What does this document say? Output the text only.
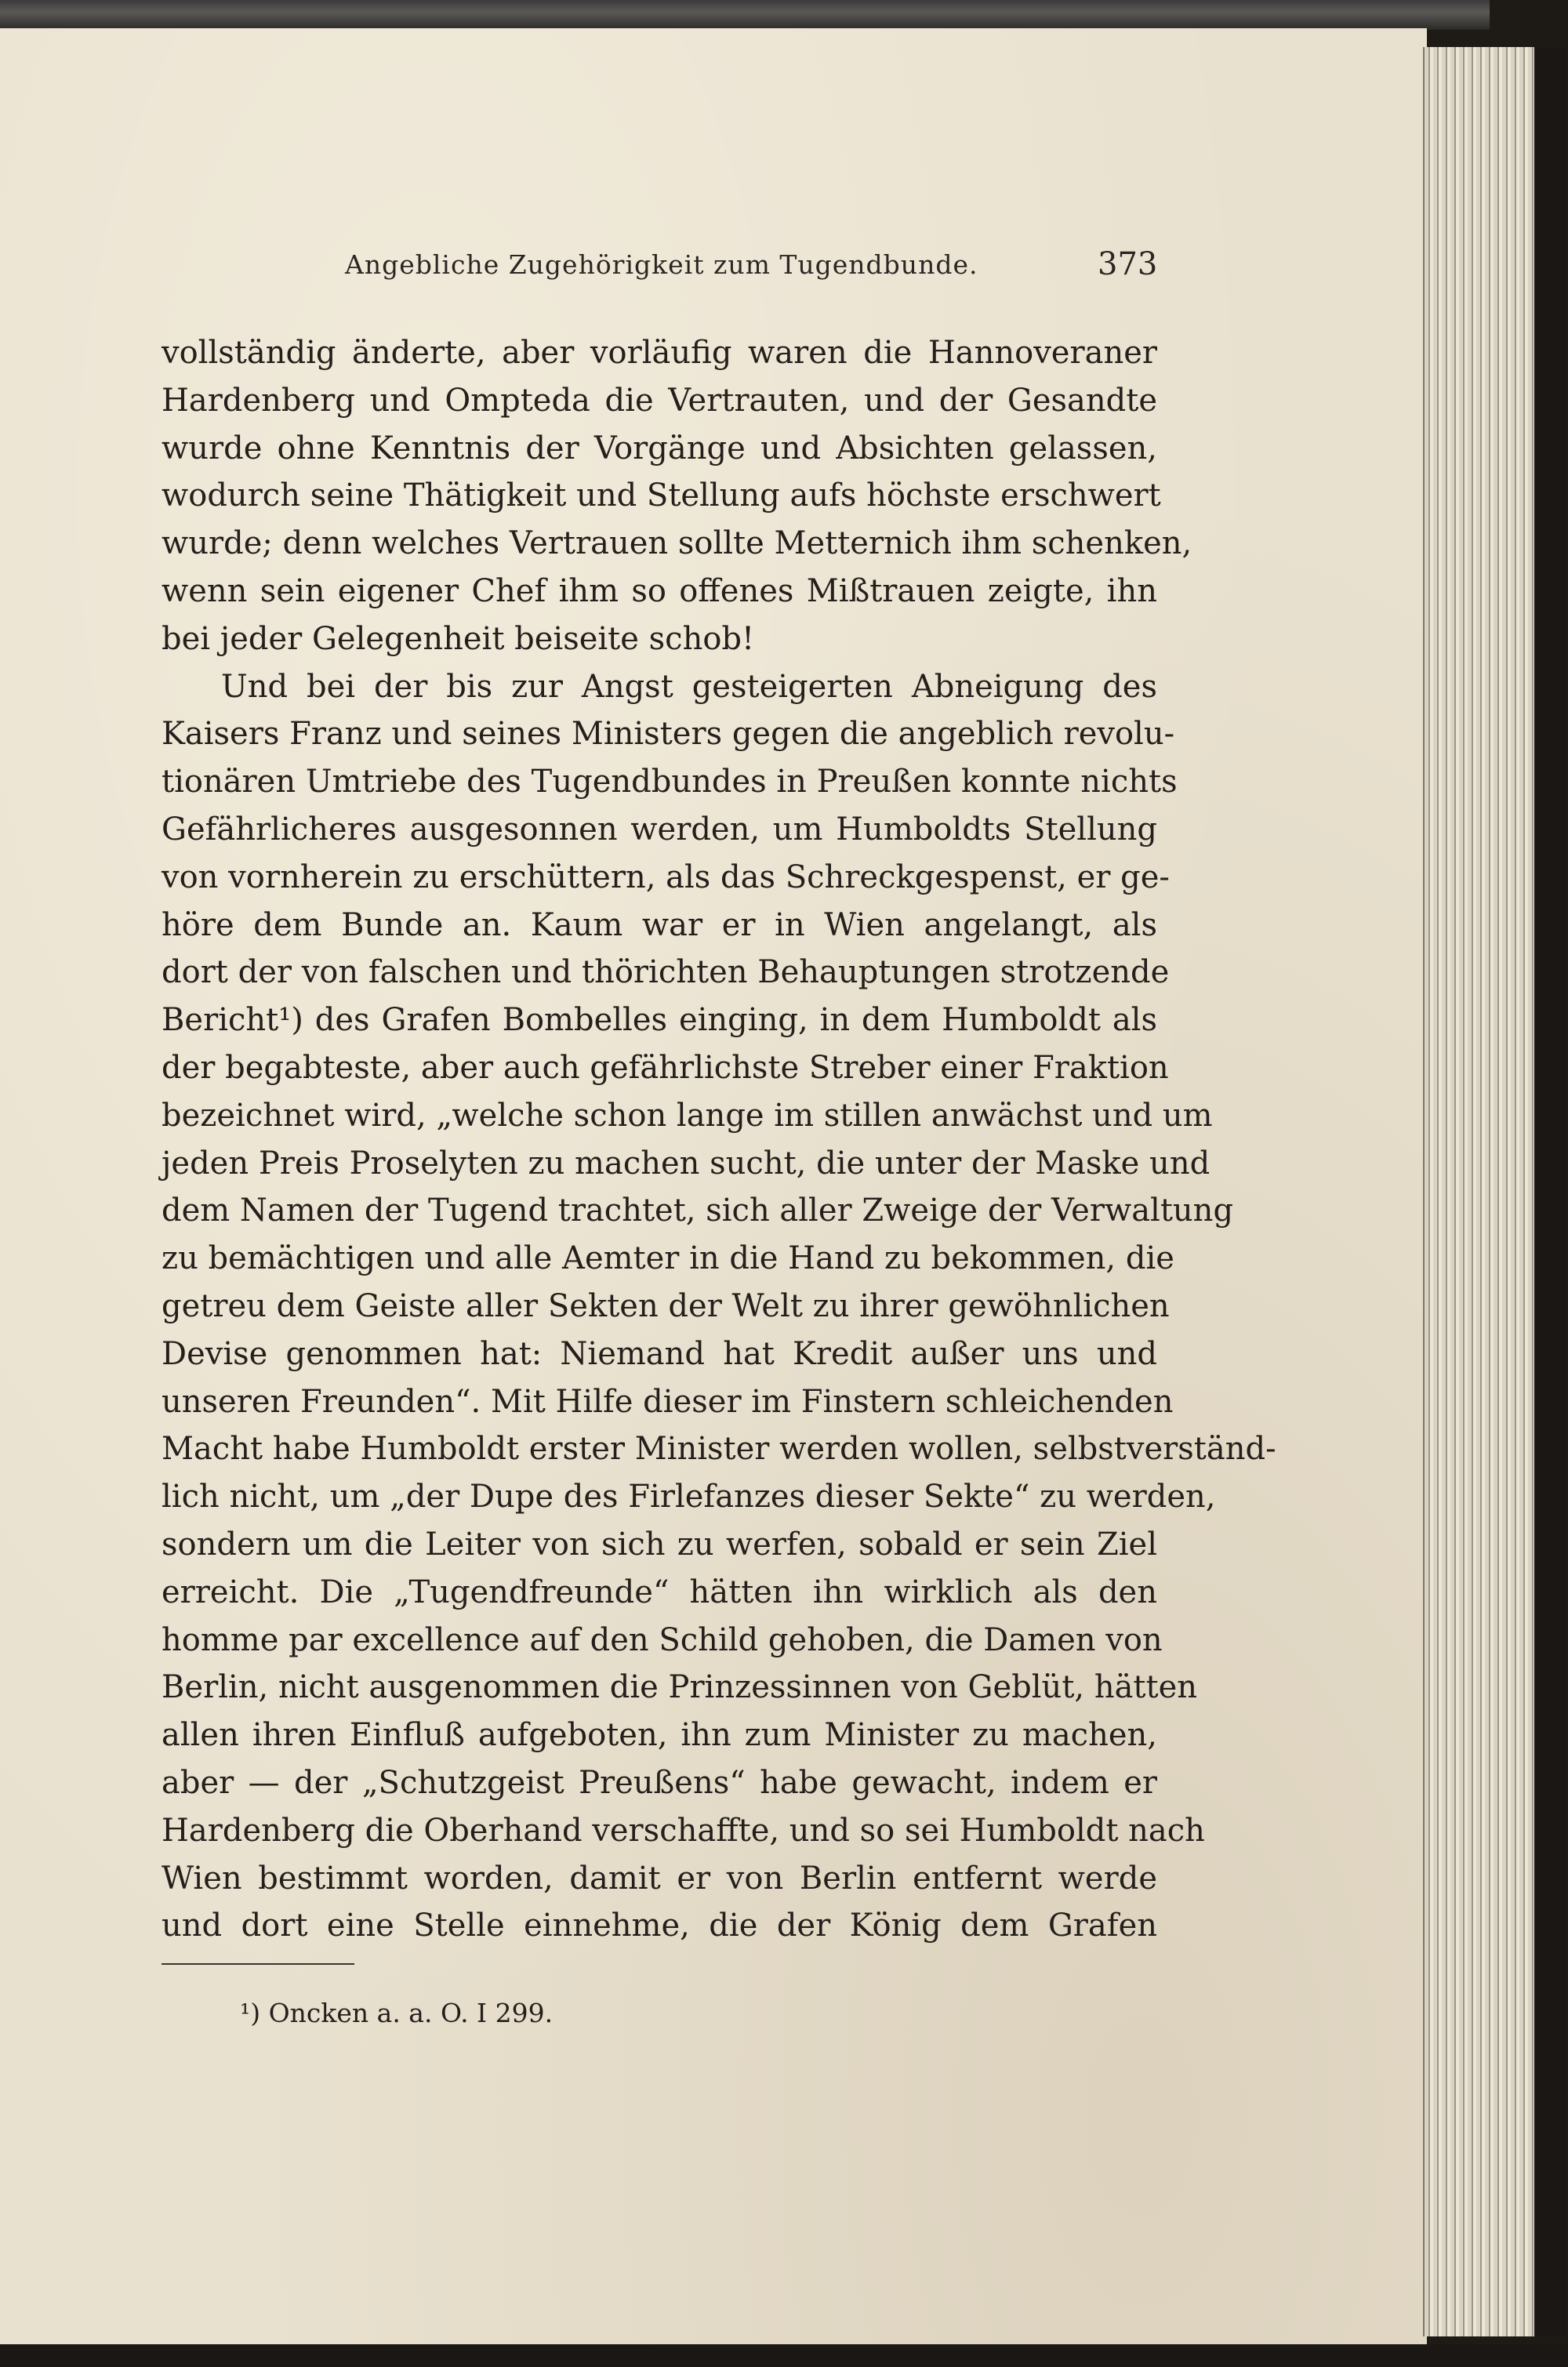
Angebliche Zugehörigkeit zum Tugendbunde.	373
vollständig änderte, aber vorläufig waren die Hannoveraner
Hardenberg und Ompteda die Vertrauten, und der Gesandte
wurde ohne Kenntnis der Vorgänge und Absichten gelassen,
wodurch seine Thätigkeit und Stellung aufs höchste erschwert
wurde; denn welches Vertrauen sollte Metternich ihm schenken,
wenn sein eigener Chef ihm so offenes Mißtrauen zeigte, ihn
bei jeder Gelegenheit beiseite schob!
Und bei der bis zur Angst gesteigerten Abneigung des
Kaisers Franz und seines Ministers gegen die angeblich revolu-
tionären Umtriebe des Tugendbundes in Preußen konnte nichts
Gefährlicheres ausgesonnen werden, um Humboldts Stellung
von vornherein zu erschüttern, als das Schreckgespenst, er ge-
höre dem Bunde an. Kaum war er in Wien angelangt, als
dort der von falschen und thörichten Behauptungen strotzende
Bericht¹) des Grafen Bombelles einging, in dem Humboldt als
der begabteste, aber auch gefährlichste Streber einer Fraktion
bezeichnet wird, „welche schon lange im stillen anwächst und um
jeden Preis Proselyten zu machen sucht, die unter der Maske und
dem Namen der Tugend trachtet, sich aller Zweige der Verwaltung
zu bemächtigen und alle Aemter in die Hand zu bekommen, die
getreu dem Geiste aller Sekten der Welt zu ihrer gewöhnlichen
Devise genommen hat: Niemand hat Kredit außer uns und
unseren Freunden“. Mit Hilfe dieser im Finstern schleichenden
Macht habe Humboldt erster Minister werden wollen, selbstverständ-
lich nicht, um „der Dupe des Firlefanzes dieser Sekte“ zu werden,
sondern um die Leiter von sich zu werfen, sobald er sein Ziel
erreicht. Die „Tugendfreunde“ hätten ihn wirklich als den
homme par excellence auf den Schild gehoben, die Damen von
Berlin, nicht ausgenommen die Prinzessinnen von Geblüt, hätten
allen ihren Einfluß aufgeboten, ihn zum Minister zu machen,
aber — der „Schutzgeist Preußens“ habe gewacht, indem er
Hardenberg die Oberhand verschaffte, und so sei Humboldt nach
Wien bestimmt worden, damit er von Berlin entfernt werde
und dort eine Stelle einnehme, die der König dem Grafen
¹) Oncken a. a. O. I 299.
